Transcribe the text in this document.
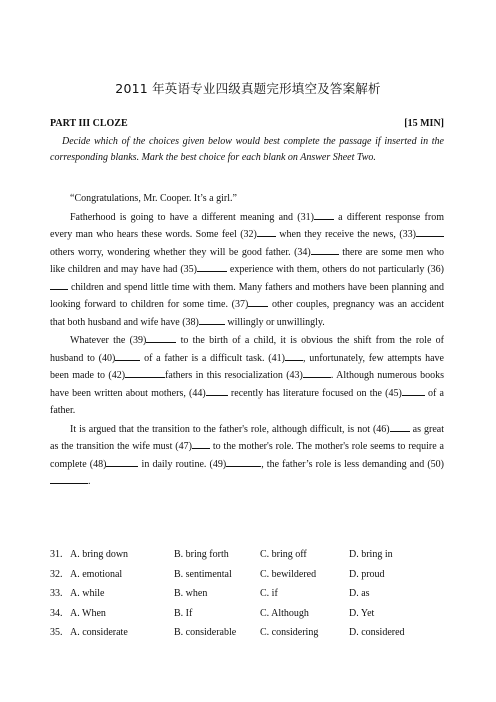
2011 年英语专业四级真题完形填空及答案解析
PART III CLOZE	[15 MIN]
Decide which of the choices given below would best complete the passage if inserted in the corresponding blanks. Mark the best choice for each blank on Answer Sheet Two.

“Congratulations, Mr. Cooper. It’s a girl.”

Fatherhood is going to have a different meaning and (31) a different response from every man who hears these words. Some feel (32) when they receive the news, (33) others worry, wondering whether they will be good father. (34)	there are some men who like children and may have had (35)	experience with them, others do not particularly (36) children and spend little time with them. Many fathers and mothers have been planning and looking forward to children for some time. (37) other couples, pregnancy was an accident that both husband and wife have (38)	willingly or unwillingly.

Whatever the (39)	to the birth of a child, it is obvious the shift from the role of husband to (40)	of a father is a difficult task. (41) , unfortunately, few attempts have been made to (42)	fathers in this resocialization (43)	. Although numerous books have been written about mothers, (44) recently has literature focused on the (45) of a father.

It is argued that the transition to the father's role, although difficult, is not (46) as great as the transition the wife must (47) to the mother's role. The mother's role seems to require a complete (48)	in daily routine. (49)	, the father’s role is less demanding and (50).

31. A. bring down	B. bring forth	C. bring off	D. bring in
32. A. emotional	B. sentimental	C. bewildered	D. proud
33. A. while	B. when	C. if	D. as
34. A. When	B. If	C. Although	D. Yet
35. A. considerate	B. considerable	C. considering	D. considered
